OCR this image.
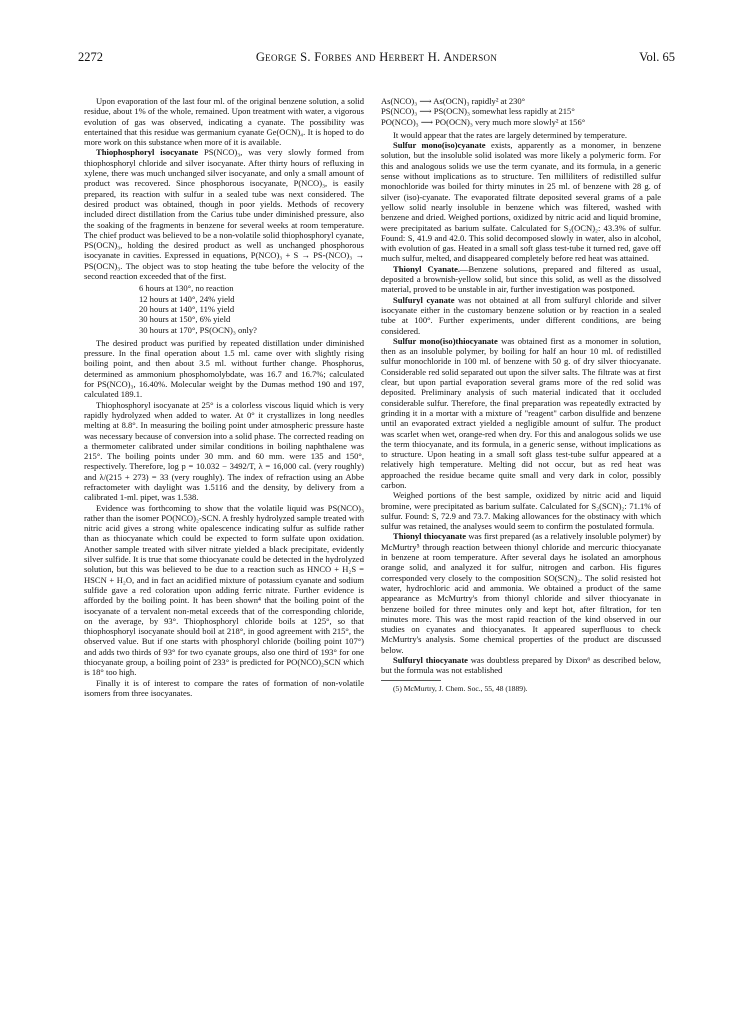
2272	George S. Forbes and Herbert H. Anderson	Vol. 65

Upon evaporation of the last four ml. of the original benzene solution, a solid residue, about 1% of the whole, remained. Upon treatment with water, a vigorous evolution of gas was observed, indicating a cyanate. The possibility was entertained that this residue was germanium cyanate Ge(OCN)₄. It is hoped to do more work on this substance when more of it is available.

Thiophosphoryl isocyanate PS(NCO)₃, was very slowly formed from thiophosphoryl chloride and silver isocyanate. After thirty hours of refluxing in xylene, there was much unchanged silver isocyanate, and only a small amount of product was recovered. Since phosphorous isocyanate, P(NCO)₃, is easily prepared, its reaction with sulfur in a sealed tube was next considered. The desired product was obtained, though in poor yields. Methods of recovery included direct distillation from the Carius tube under diminished pressure, also the soaking of the fragments in benzene for several weeks at room temperature. The chief product was believed to be a non-volatile solid thiophosphoryl cyanate, PS(OCN)₃, holding the desired product as well as unchanged phosphorous isocyanate in cavities. Expressed in equations, P(NCO)₃ + S → PS-(NCO)₃ → PS(OCN)₃. The object was to stop heating the tube before the velocity of the second reaction exceeded that of the first.

6 hours at 130°, no reaction
12 hours at 140°, 24% yield
20 hours at 140°, 11% yield
30 hours at 150°, 6% yield
30 hours at 170°, PS(OCN)₃ only?

The desired product was purified by repeated distillation under diminished pressure. In the final operation about 1.5 ml. came over with slightly rising boiling point, and then about 3.5 ml. without further change. Phosphorus, determined as ammonium phosphomolybdate, was 16.7 and 16.7%; calculated for PS(NCO)₃, 16.40%. Molecular weight by the Dumas method 190 and 197, calculated 189.1.

Thiophosphoryl isocyanate at 25° is a colorless viscous liquid which is very rapidly hydrolyzed when added to water. At 0° it crystallizes in long needles melting at 8.8°. In measuring the boiling point under atmospheric pressure haste was necessary because of conversion into a solid phase. The corrected reading on a thermometer calibrated under similar conditions in boiling naphthalene was 215°. The boiling points under 30 mm. and 60 mm. were 135 and 150°, respectively. Therefore, log p = 10.032 − 3492/T, λ = 16,000 cal. (very roughly) and λ/(215 + 273) = 33 (very roughly). The index of refraction using an Abbe refractometer with daylight was 1.5116 and the density, by delivery from a calibrated 1-ml. pipet, was 1.538.

Evidence was forthcoming to show that the volatile liquid was PS(NCO)₃ rather than the isomer PO(NCO)₂-SCN. A freshly hydrolyzed sample treated with nitric acid gives a strong white opalescence indicating sulfur as sulfide rather than as thiocyanate which could be expected to form sulfate upon oxidation. Another sample treated with silver nitrate yielded a black precipitate, evidently silver sulfide. It is true that some thiocyanate could be detected in the hydrolyzed solution, but this was believed to be due to a reaction such as HNCO + H₂S = HSCN + H₂O, and in fact an acidified mixture of potassium cyanate and sodium sulfide gave a red coloration upon adding ferric nitrate. Further evidence is afforded by the boiling point. It has been shown⁴ that the boiling point of the isocyanate of a tervalent non-metal exceeds that of the corresponding chloride, on the average, by 93°. Thiophosphoryl chloride boils at 125°, so that thiophosphoryl isocyanate should boil at 218°, in good agreement with 215°, the observed value. But if one starts with phosphoryl chloride (boiling point 107°) and adds two thirds of 93° for two cyanate groups, also one third of 193° for one thiocyanate group, a boiling point of 233° is predicted for PO(NCO)₂SCN which is 18° too high.

Finally it is of interest to compare the rates of formation of non-volatile isomers from three isocyanates.

As(NCO)₃ ⟶ As(OCN)₃ rapidly² at 230°
PS(NCO)₃ ⟶ PS(OCN)₃ somewhat less rapidly at 215°
PO(NCO)₃ ⟶ PO(OCN)₃ very much more slowly² at 156°

It would appear that the rates are largely determined by temperature.

Sulfur mono(iso)cyanate exists, apparently as a monomer, in benzene solution, but the insoluble solid isolated was more likely a polymeric form. For this and analogous solids we use the term cyanate, and its formula, in a generic sense without implications as to structure. Ten milliliters of redistilled sulfur monochloride was boiled for thirty minutes in 25 ml. of benzene with 28 g. of silver (iso)-cyanate. The evaporated filtrate deposited several grams of a pale yellow solid nearly insoluble in benzene which was filtered, washed with benzene and dried. Weighed portions, oxidized by nitric acid and liquid bromine, were precipitated as barium sulfate. Calculated for S₂(OCN)₂: 43.3% of sulfur. Found: S, 41.9 and 42.0. This solid decomposed slowly in water, also in alcohol, with evolution of gas. Heated in a small soft glass test-tube it turned red, gave off much sulfur, melted, and disappeared completely before red heat was attained.

Thionyl Cyanate.—Benzene solutions, prepared and filtered as usual, deposited a brownish-yellow solid, but since this solid, as well as the dissolved material, proved to be unstable in air, further investigation was postponed.

Sulfuryl cyanate was not obtained at all from sulfuryl chloride and silver isocyanate either in the customary benzene solution or by reaction in a sealed tube at 100°. Further experiments, under different conditions, are being considered.

Sulfur mono(iso)thiocyanate was obtained first as a monomer in solution, then as an insoluble polymer, by boiling for half an hour 10 ml. of redistilled sulfur monochloride in 100 ml. of benzene with 50 g. of dry silver thiocyanate. Considerable red solid separated out upon the silver salts. The filtrate was at first clear, but upon partial evaporation several grams more of the red solid was deposited. Preliminary analysis of such material indicated that it occluded considerable sulfur. Therefore, the final preparation was repeatedly extracted by grinding it in a mortar with a mixture of "reagent" carbon disulfide and benzene until an evaporated extract yielded a negligible amount of sulfur. The product was scarlet when wet, orange-red when dry. For this and analogous solids we use the term thiocyanate, and its formula, in a generic sense, without implications as to structure. Upon heating in a small soft glass test-tube sulfur appeared at a relatively high temperature. Melting did not occur, but as red heat was approached the residue became quite small and very dark in color, possibly carbon.

Weighed portions of the best sample, oxidized by nitric acid and liquid bromine, were precipitated as barium sulfate. Calculated for S₂(SCN)₂: 71.1% of sulfur. Found: S, 72.9 and 73.7. Making allowances for the obstinacy with which sulfur was retained, the analyses would seem to confirm the postulated formula.

Thionyl thiocyanate was first prepared (as a relatively insoluble polymer) by McMurtry⁵ through reaction between thionyl chloride and mercuric thiocyanate in benzene at room temperature. After several days he isolated an amorphous orange solid, and analyzed it for sulfur, nitrogen and carbon. His figures corresponded very closely to the composition SO(SCN)₂. The solid resisted hot water, hydrochloric acid and ammonia. We obtained a product of the same appearance as McMurtry's from thionyl chloride and silver thiocyanate in benzene boiled for three minutes only and kept hot, after filtration, for ten minutes more. This was the most rapid reaction of the kind observed in our studies on cyanates and thiocyanates. It appeared superfluous to check McMurtry's analysis. Some chemical properties of the product are discussed below.

Sulfuryl thiocyanate was doubtless prepared by Dixon⁶ as described below, but the formula was not established

(5) McMurtry, J. Chem. Soc., 55, 48 (1889).
